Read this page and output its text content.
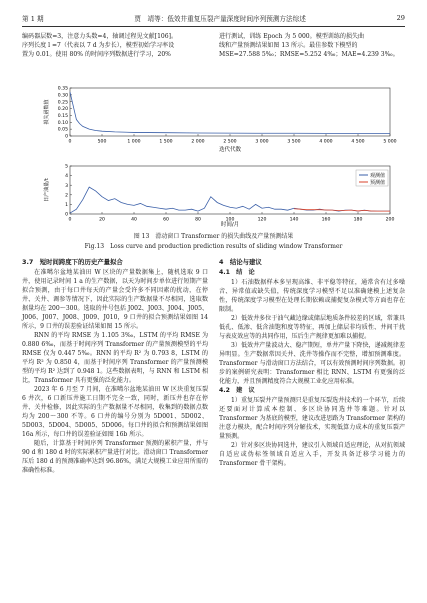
第 1 期	贾　靖等：低效井重复压裂产量深度时间序列预测方法综述	29

编码器层数=3，注意力头数=4，轴调过程见文献[106]。

序列长度 l =7（代表以 7 d 为步长），模型初始学习率设

置为 0.01。使用 80% 的时间序列数据进行学习，20%

进行测试，训练 Epoch 为 5 000。模型训练的损失曲

线和产量预测结果如图 13 所示。最佳参数下模型的

MSE=27.588 5‰；RMSE=5.252 4‰；MAE=4.239 3‰。

损失函数值
迭代代数
0	500	1 000	1 500	2 000	2 500	3 000	3 500	4 000	4 500	5 000
0
0.05
0.10
0.15
0.20
0.25
0.30
0.35
日产油量/t
时间/月
0	20	40	60	80	100	120	140	160	180	200
0
1
2
3
4
5
观测值
预测值
图 13　滑动窗口 Transformer 的损失曲线及产量预测结果
Fig.13　Loss curve and production prediction results of sliding window Transformer
3.7　短时间跨度下的历史产量拟合

在准噶尔盆地某油田 W 区块的产量数据集上，随机选取 9 口井，使用记录时间 1 a 的生产数据，以天为时间步单位进行短期产量拟合预测，由于每口井每天的产量会受许多不同因素的扰动，在停井、关井、调参等情况下，因此实际的生产数据量不尽相同，选取数据量均在 200～300。选取的井号包括 J002、J003、J004、J005、J006、J007、J008、J009、J010，9 口井的拟合预测结果如图 14 所示，9 口井的误差验证结果如图 15 所示。

RNN 的平均 RMSE 为 1.105 3‰，LSTM 的平均 RMSE 为 0.880 6‰，而基于时间序列 Transformer 的产量预测模型的平均 RMSE 仅为 0.447 5‰。RNN 的平均 R² 为 0.793 8，LSTM 的平均 R² 为 0.850 4，而基于时间序列 Transformer 的产量预测模型的平均 R² 达到了 0.948 1。这些数据表明，与 RNN 和 LSTM 相比，Transformer 具有更强的泛化能力。

2023 年 6 月至 7 月间，在准噶尔盆地某油田 W 区块重复压裂 6 井次，6 口新压井施工日期不完全一致，同时，新压井也存在停井、关井检修，因此实际的生产数据量不尽相同，收集到的数据点数均为 200～300 不等。6 口井的编号分别为 5D001、5D002、5D003、5D004、5D005、5D006。每口井的拟合和预测结果如图 16a 所示，每口井的误差验证如图 16b 所示。

随后，计算基于时间序列 Transformer 预测的累积产量，并与 90 d 和 180 d 时的实际累积产量进行对比。滑动窗口 Transformer 压后 180 d 的预测准确率达到 96.86%，满足大规模工业应用所需的准确性标准。

4　结论与建议
4.1　结　论

1）石油数据样本多呈现高维、非平稳等特征，通常含有过多噪音、异常值或缺失值，传统深度学习模型不足以准确建模上述复杂性，传统深度学习模型在处理长期依赖或捕捉复杂模式等方面也存在限制。

2）低效井多位于油气藏边缘或储层地质条件较差的区域，常兼具低孔、低渗、低含油饱和度等特征，再加上储层非均质性、井间干扰与表皮效应等的共同作用，压后生产规律更加难以捕捉。

3）低效井产量波动大、稳产期短，单井产量下降快，递减规律差异明显。生产数据常因关井、洗井等操作而不完整，增加预测难度。Transformer 与滑动窗口方法结合，可以有效预测时间序列数据。初步的案例研究表明：Transformer 相比 RNN、LSTM 有更强的泛化能力，并且预测精度符合大规模工业化应用标准。

4.2　建　议

1）重复压裂井产量预测只是重复压裂选井技术的一个环节，后续还要面对计算成本控制、多区块协同选井等难题。针对以 Transformer 为基底的模型，建议改进思路为 Transformer 架构的注意力模块，配合时间序列分解技术，实现低算力成本的重复压裂产量预测。

2）针对多区块协同选井，建议引入领域自适应理论，从对抗领域自适应或伪标签领域自适应入手，开发具备迁移学习能力的 Transformer 骨干架构。
